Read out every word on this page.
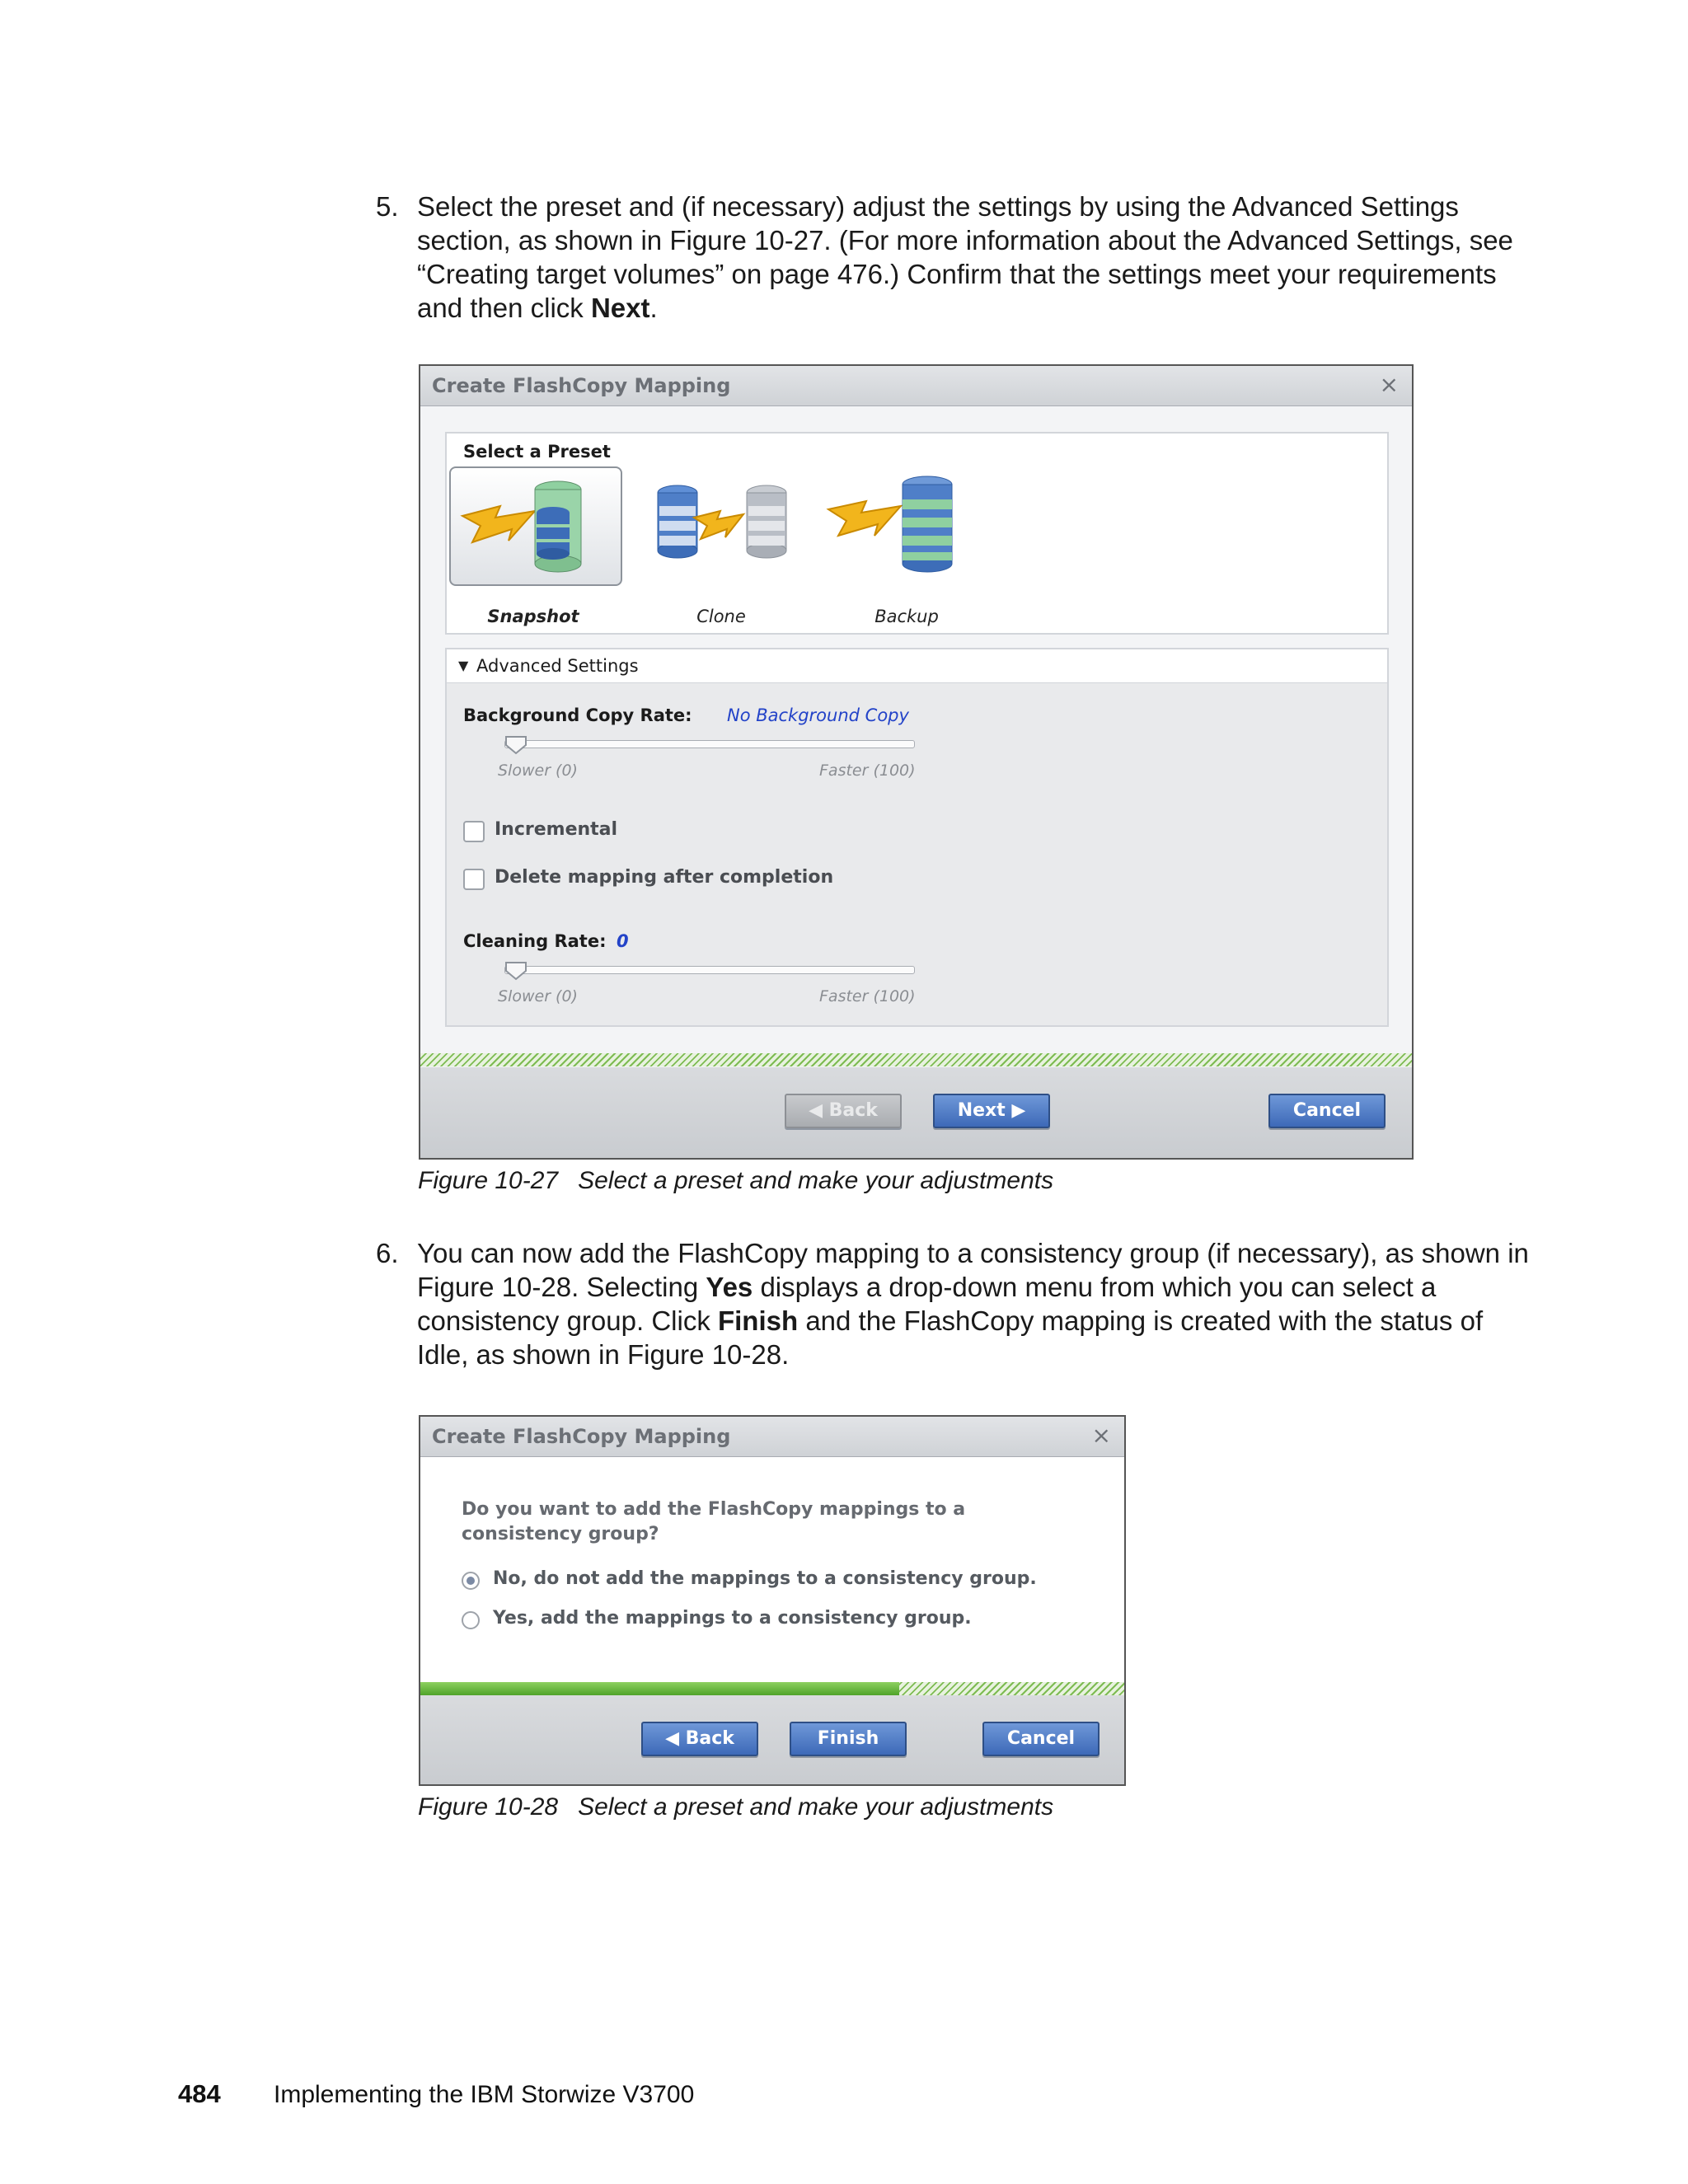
5. Select the preset and (if necessary) adjust the settings by using the Advanced Settings section, as shown in Figure 10-27. (For more information about the Advanced Settings, see “Creating target volumes” on page 476.) Confirm that the settings meet your requirements and then click Next.
Create FlashCopy Mapping	×
Select a Preset
Snapshot	Clone	Backup
▼ Advanced Settings
Background Copy Rate: No Background Copy
Slower (0)	Faster (100)
Incremental
Delete mapping after completion
Cleaning Rate: 0
Slower (0)	Faster (100)
◀ Back	Next ▶	Cancel
Figure 10-27 Select a preset and make your adjustments
6. You can now add the FlashCopy mapping to a consistency group (if necessary), as shown in Figure 10-28. Selecting Yes displays a drop-down menu from which you can select a consistency group. Click Finish and the FlashCopy mapping is created with the status of Idle, as shown in Figure 10-28.
Create FlashCopy Mapping	×
Do you want to add the FlashCopy mappings to a consistency group?
No, do not add the mappings to a consistency group.
Yes, add the mappings to a consistency group.
◀ Back	Finish	Cancel
Figure 10-28 Select a preset and make your adjustments
484 Implementing the IBM Storwize V3700
